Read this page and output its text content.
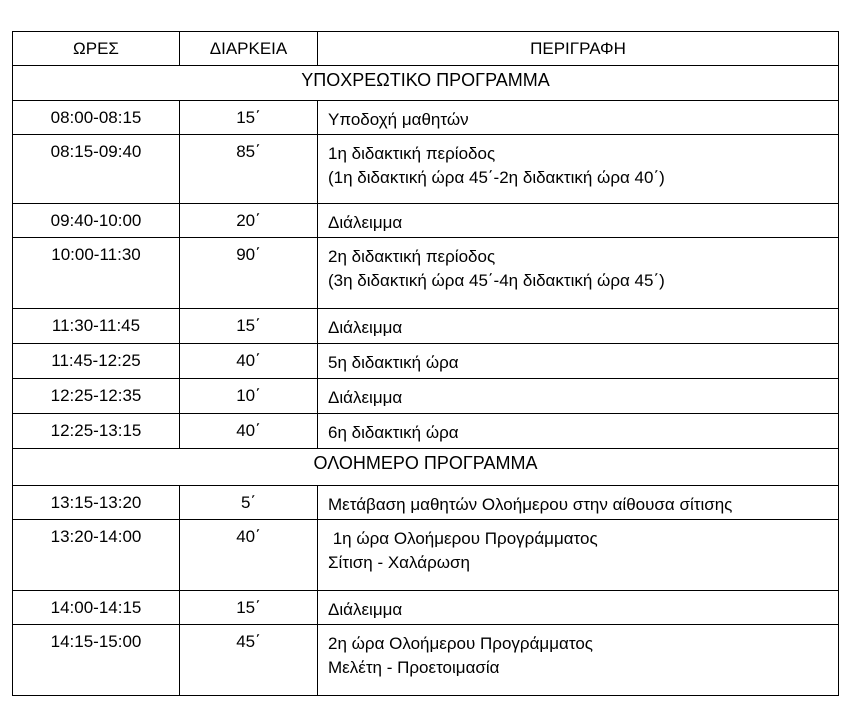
ΩΡΕΣ	ΔΙΑΡΚΕΙΑ	ΠΕΡΙΓΡΑΦΗ
ΥΠΟΧΡΕΩΤΙΚΟ ΠΡΟΓΡΑΜΜΑ		
08:00-08:15	15΄	Υποδοχή μαθητών

08:15-09:40	85΄	1η διδακτική περίοδος
(1η διδακτική ώρα 45΄-2η διδακτική ώρα 40΄)

09:40-10:00	20΄	Διάλειμμα

10:00-11:30	90΄	2η διδακτική περίοδος
(3η διδακτική ώρα 45΄-4η διδακτική ώρα 45΄)

11:30-11:45	15΄	Διάλειμμα

11:45-12:25	40΄	5η διδακτική ώρα

12:25-12:35	10΄	Διάλειμμα

12:25-13:15	40΄	6η διδακτική ώρα

ΟΛΟΗΜΕΡΟ ΠΡΟΓΡΑΜΜΑ		
13:15-13:20	5΄	Μετάβαση μαθητών Ολοήμερου στην αίθουσα σίτισης

13:20-14:00	40΄	1η ώρα Ολοήμερου Προγράμματος
Σίτιση - Χαλάρωση

14:00-14:15	15΄	Διάλειμμα

14:15-15:00	45΄	2η ώρα Ολοήμερου Προγράμματος
Μελέτη - Προετοιμασία
